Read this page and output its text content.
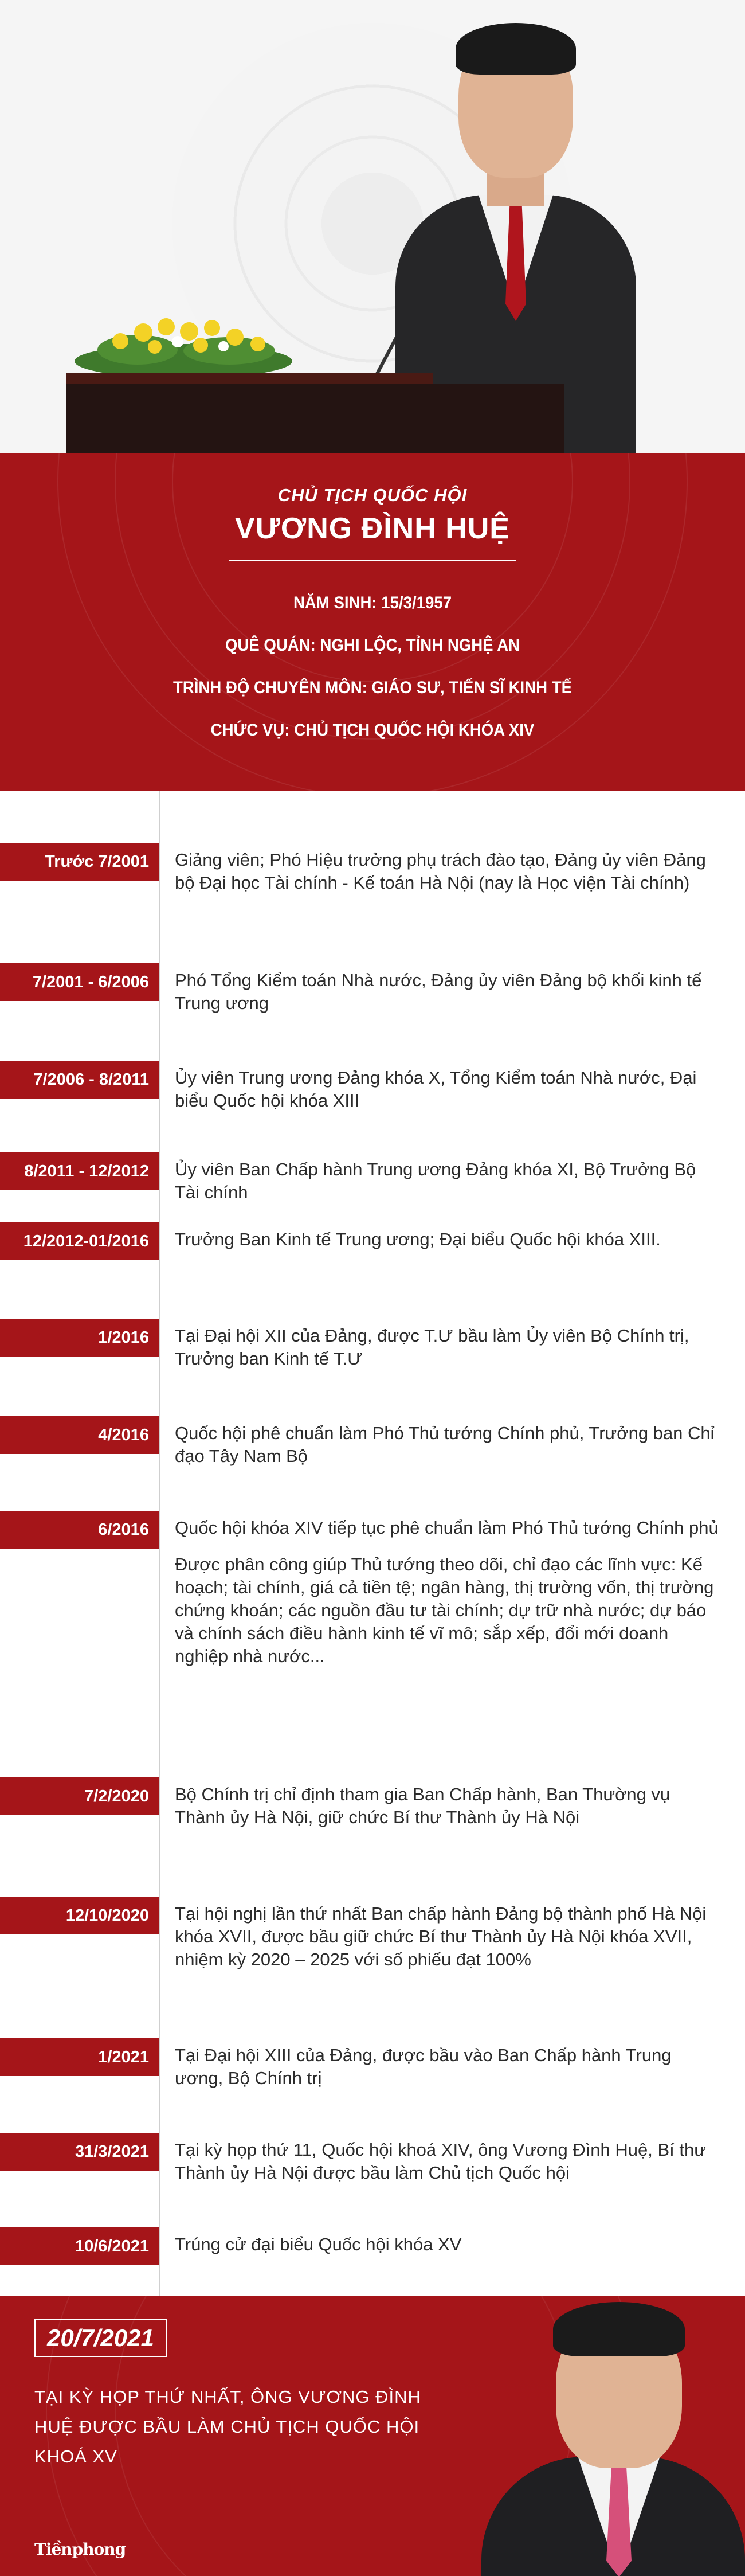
CHỦ TỊCH QUỐC HỘI
VƯƠNG ĐÌNH HUỆ
NĂM SINH: 15/3/1957
QUÊ QUÁN: NGHI LỘC, TỈNH NGHỆ AN
TRÌNH ĐỘ CHUYÊN MÔN: GIÁO SƯ, TIẾN SĨ KINH TẾ
CHỨC VỤ: CHỦ TỊCH QUỐC HỘI KHÓA XIV
Trước 7/2001	Giảng viên; Phó Hiệu trưởng phụ trách đào tạo, Đảng ủy viên Đảng bộ Đại học Tài chính - Kế toán Hà Nội (nay là Học viện Tài chính)

7/2001 - 6/2006	Phó Tổng Kiểm toán Nhà nước, Đảng ủy viên Đảng bộ khối kinh tế Trung ương

7/2006 - 8/2011	Ủy viên Trung ương Đảng khóa X, Tổng Kiểm toán Nhà nước, Đại biểu Quốc hội khóa XIII

8/2011 - 12/2012	Ủy viên Ban Chấp hành Trung ương Đảng khóa XI, Bộ Trưởng Bộ Tài chính

12/2012-01/2016	Trưởng Ban Kinh tế Trung ương; Đại biểu Quốc hội khóa XIII.

1/2016	Tại Đại hội XII của Đảng, được T.Ư bầu làm Ủy viên Bộ Chính trị, Trưởng ban Kinh tế T.Ư

4/2016	Quốc hội phê chuẩn làm Phó Thủ tướng Chính phủ, Trưởng ban Chỉ đạo Tây Nam Bộ

6/2016	Quốc hội khóa XIV tiếp tục phê chuẩn làm Phó Thủ tướng Chính phủ

Được phân công giúp Thủ tướng theo dõi, chỉ đạo các lĩnh vực: Kế hoạch; tài chính, giá cả tiền tệ; ngân hàng, thị trường vốn, thị trường chứng khoán; các nguồn đầu tư tài chính; dự trữ nhà nước; dự báo và chính sách điều hành kinh tế vĩ mô; sắp xếp, đổi mới doanh nghiệp nhà nước...

7/2/2020	Bộ Chính trị chỉ định tham gia Ban Chấp hành, Ban Thường vụ Thành ủy Hà Nội, giữ chức Bí thư Thành ủy Hà Nội

12/10/2020	Tại hội nghị lần thứ nhất Ban chấp hành Đảng bộ thành phố Hà Nội khóa XVII, được bầu giữ chức Bí thư Thành ủy Hà Nội khóa XVII, nhiệm kỳ 2020 – 2025 với số phiếu đạt 100%

1/2021	Tại Đại hội XIII của Đảng, được bầu vào Ban Chấp hành Trung ương, Bộ Chính trị

31/3/2021	Tại kỳ họp thứ 11, Quốc hội khoá XIV, ông Vương Đình Huệ, Bí thư Thành ủy Hà Nội được bầu làm Chủ tịch Quốc hội

10/6/2021	Trúng cử đại biểu Quốc hội khóa XV

20/7/2021
TẠI KỲ HỌP THỨ NHẤT, ÔNG VƯƠNG ĐÌNH HUỆ ĐƯỢC BẦU LÀM CHỦ TỊCH QUỐC HỘI KHOÁ XV
Tiềnphong
